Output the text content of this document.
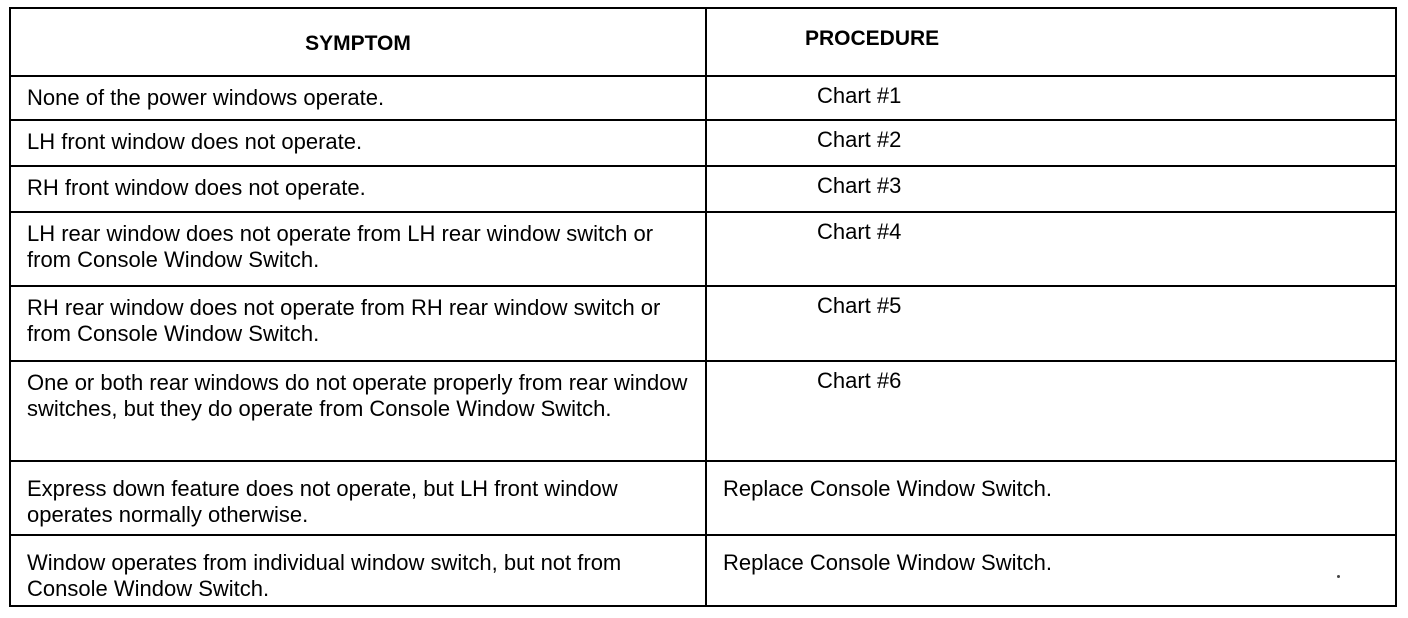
SYMPTOM	PROCEDURE
None of the power windows operate.	Chart #1
LH front window does not operate.	Chart #2
RH front window does not operate.	Chart #3
LH rear window does not operate from LH rear window switch or from Console Window Switch.	Chart #4
RH rear window does not operate from RH rear window switch or from Console Window Switch.	Chart #5
One or both rear windows do not operate properly from rear window switches, but they do operate from Console Window Switch.	Chart #6
Express down feature does not operate, but LH front window operates normally otherwise.	Replace Console Window Switch.
Window operates from individual window switch, but not from Console Window Switch.	Replace Console Window Switch.
